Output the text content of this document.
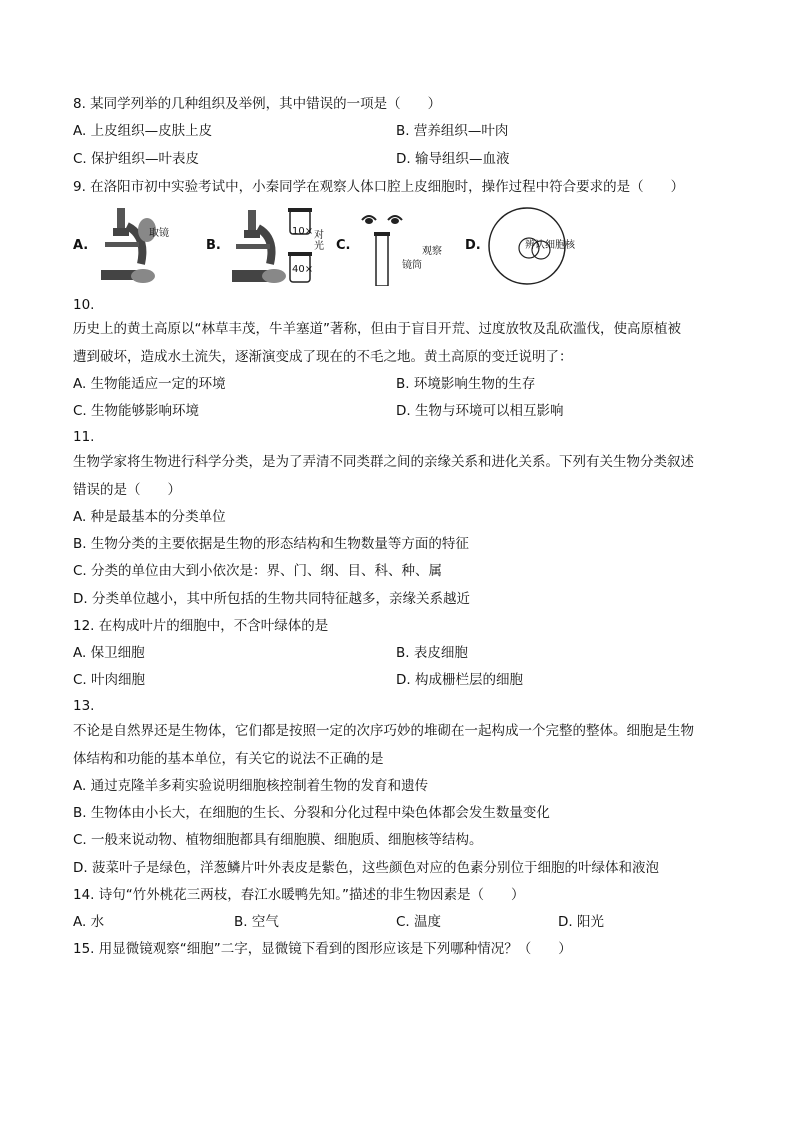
8. 某同学列举的几种组织及举例，其中错误的一项是（　　）
A. 上皮组织—皮肤上皮	B. 营养组织—叶肉
C. 保护组织—叶表皮	D. 输导组织—血液
9. 在洛阳市初中实验考试中，小秦同学在观察人体口腔上皮细胞时，操作过程中符合要求的是（　　）
A.
取镜
B.
10×
40×
对光 C.	观察
镜筒
D.	辨认细胞核
10.
历史上的黄土高原以“林草丰茂，牛羊塞道”著称，但由于盲目开荒、过度放牧及乱砍滥伐，使高原植被
遭到破坏，造成水土流失，逐渐演变成了现在的不毛之地。黄土高原的变迁说明了：
A. 生物能适应一定的环境	B. 环境影响生物的生存
C. 生物能够影响环境	D. 生物与环境可以相互影响
11.
生物学家将生物进行科学分类，是为了弄清不同类群之间的亲缘关系和进化关系。下列有关生物分类叙述
错误的是（　　）
A. 种是最基本的分类单位
B. 生物分类的主要依据是生物的形态结构和生物数量等方面的特征
C. 分类的单位由大到小依次是：界、门、纲、目、科、种、属
D. 分类单位越小，其中所包括的生物共同特征越多，亲缘关系越近
12. 在构成叶片的细胞中，不含叶绿体的是
A. 保卫细胞	B. 表皮细胞
C. 叶肉细胞	D. 构成栅栏层的细胞
13.
不论是自然界还是生物体，它们都是按照一定的次序巧妙的堆砌在一起构成一个完整的整体。细胞是生物
体结构和功能的基本单位，有关它的说法不正确的是
A. 通过克隆羊多莉实验说明细胞核控制着生物的发育和遗传
B. 生物体由小长大，在细胞的生长、分裂和分化过程中染色体都会发生数量变化
C. 一般来说动物、植物细胞都具有细胞膜、细胞质、细胞核等结构。
D. 菠菜叶子是绿色，洋葱鳞片叶外表皮是紫色，这些颜色对应的色素分别位于细胞的叶绿体和液泡
14. 诗句“竹外桃花三两枝，春江水暖鸭先知。”描述的非生物因素是（　　）
A. 水	B. 空气	C. 温度	D. 阳光
15. 用显微镜观察“细胞”二字，显微镜下看到的图形应该是下列哪种情况？（　　）
